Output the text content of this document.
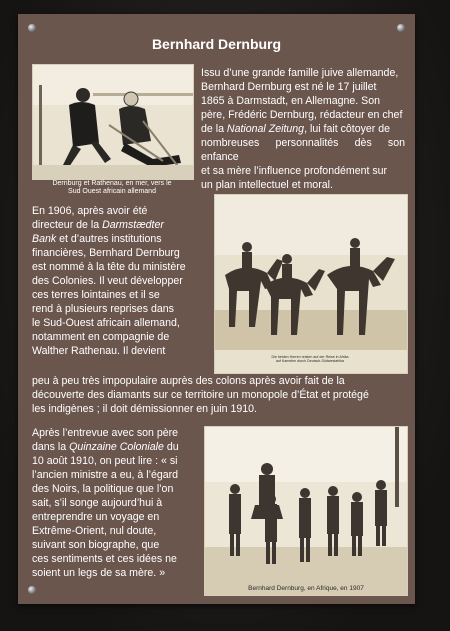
Bernhard Dernburg
Dernburg et Rathenau, en mer, vers le
Sud Ouest africain allemand
Issu d’une grande famille juive allemande,
Bernhard Dernburg est né le 17 juillet
1865 à Darmstadt, en Allemagne. Son
père, Frédéric Dernburg, rédacteur en chef
de la National Zeitung, lui fait côtoyer de
nombreuses personnalités dès son enfance
et sa mère l’influence profondément sur
un plan intellectuel et moral.
En 1906, après avoir été
directeur de la Darmstædter
Bank et d’autres institutions
financières, Bernhard Dernburg
est nommé à la tête du ministère
des Colonies. Il veut développer
ces terres lointaines et il se
rend à plusieurs reprises dans
le Sud-Ouest africain allemand,
notamment en compagnie de
Walther Rathenau. Il devient	Die beiden Herren reisten auf der Reise in Afrika
auf Kamelen durch Deutsch-Südwestafrika
peu à peu très impopulaire auprès des colons après avoir fait de la
découverte des diamants sur ce territoire un monopole d’État et protégé
les indigènes ; il doit démissionner en juin 1910.
Après l’entrevue avec son père
dans la Quinzaine Coloniale du
10 août 1910, on peut lire : « si
l’ancien ministre a eu, à l’égard
des Noirs, la politique que l’on
sait, s’il songe aujourd’hui à
entreprendre un voyage en
Extrême-Orient, nul doute,
suivant son biographe, que
ces sentiments et ces idées ne
soient un legs de sa mère. »
Bernhard Dernburg, en Afrique, en 1907
